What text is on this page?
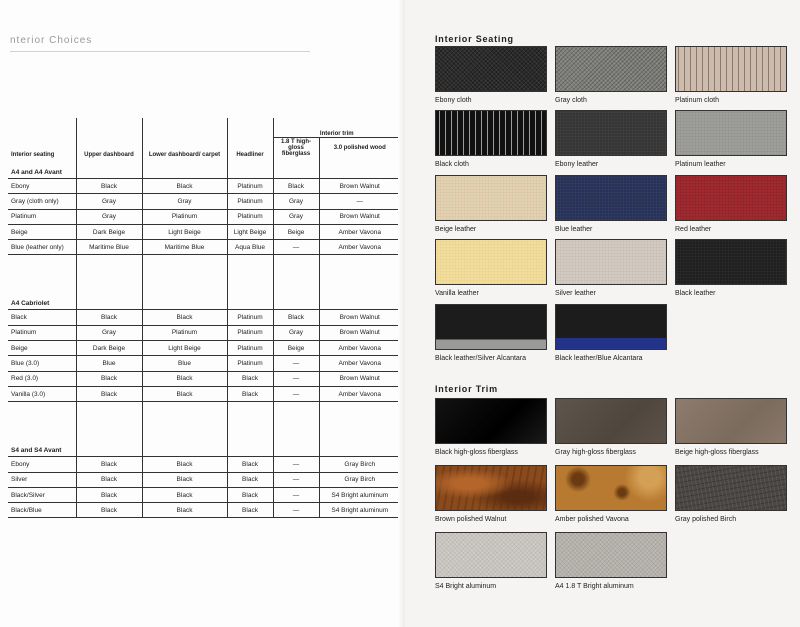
nterior Choices
Interior seating	Upper dashboard	Lower dashboard/ carpet	Headliner	Interior trim	
				1.8 T high-gloss fiberglass	3.0 polished wood
A4 and A4 Avant					
Ebony	Black	Black	Platinum	Black	Brown Walnut
Gray (cloth only)	Gray	Gray	Platinum	Gray	—
Platinum	Gray	Platinum	Platinum	Gray	Brown Walnut
Beige	Dark Beige	Light Beige	Light Beige	Beige	Amber Vavona
Blue (leather only)	Maritime Blue	Maritime Blue	Aqua Blue	—	Amber Vavona

A4 Cabriolet					
Black	Black	Black	Platinum	Black	Brown Walnut
Platinum	Gray	Platinum	Platinum	Gray	Brown Walnut
Beige	Dark Beige	Light Beige	Platinum	Beige	Amber Vavona
Blue (3.0)	Blue	Blue	Platinum	—	Amber Vavona
Red (3.0)	Black	Black	Black	—	Brown Walnut
Vanilla (3.0)	Black	Black	Black	—	Amber Vavona

S4 and S4 Avant					
Ebony	Black	Black	Black	—	Gray Birch
Silver	Black	Black	Black	—	Gray Birch
Black/Silver	Black	Black	Black	—	S4 Bright aluminum
Black/Blue	Black	Black	Black	—	S4 Bright aluminum
Interior Seating
Ebony cloth	Gray cloth	Platinum cloth
Black cloth	Ebony leather	Platinum leather
Beige leather	Blue leather	Red leather
Vanilla leather	Silver leather	Black leather
Black leather/Silver Alcantara	Black leather/Blue Alcantara
Interior Trim
Black high-gloss fiberglass	Gray high-gloss fiberglass	Beige high-gloss fiberglass
Brown polished Walnut	Amber polished Vavona	Gray polished Birch
S4 Bright aluminum	A4 1.8 T Bright aluminum
